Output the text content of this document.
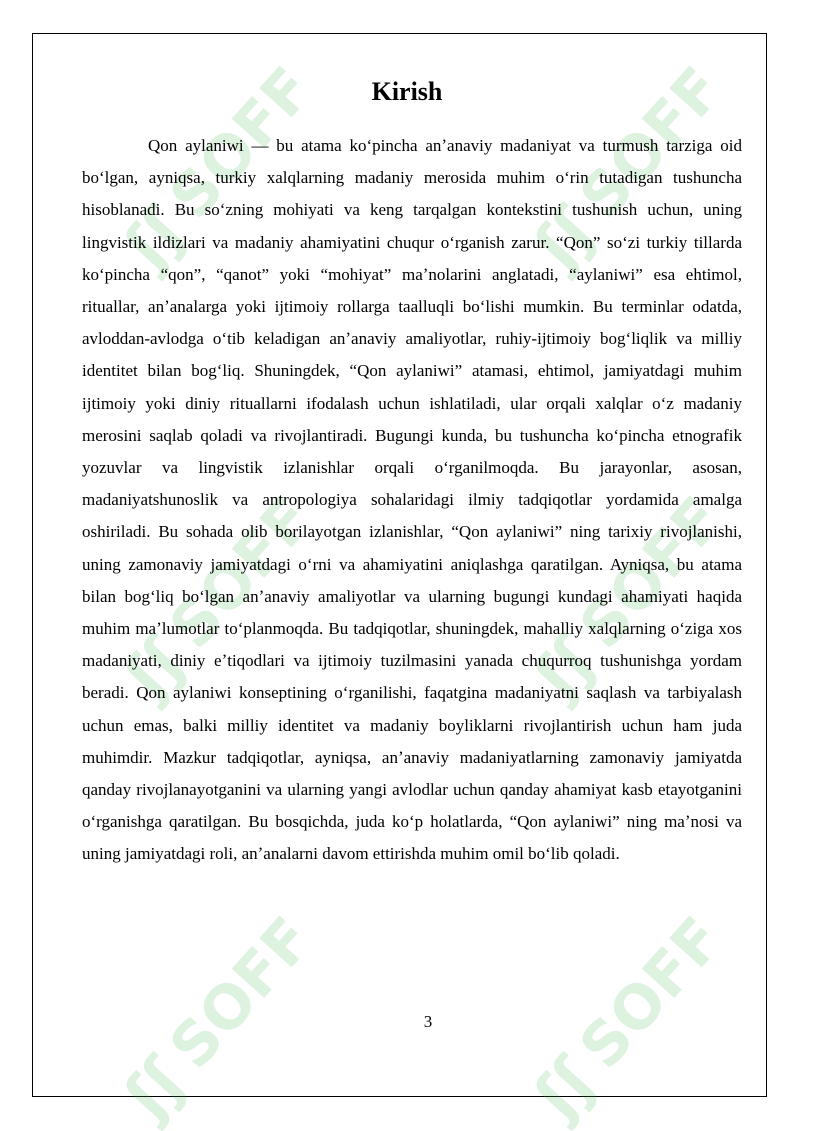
ʃʃ
SOFF
ʃʃ
SOFF
ʃʃ
SOFF
ʃʃ
SOFF
ʃʃ
SOFF
ʃʃ
SOFF
Kirish

Qon aylaniwi — bu atama koʻpincha anʼanaviy madaniyat va turmush tarziga oid boʻlgan, ayniqsa, turkiy xalqlarning madaniy merosida muhim oʻrin tutadigan tushuncha hisoblanadi. Bu soʻzning mohiyati va keng tarqalgan kontekstini tushunish uchun, uning lingvistik ildizlari va madaniy ahamiyatini chuqur oʻrganish zarur. “Qon” soʻzi turkiy tillarda koʻpincha “qon”, “qanot” yoki “mohiyat” maʼnolarini anglatadi, “aylaniwi” esa ehtimol, rituallar, anʼanalarga yoki ijtimoiy rollarga taalluqli boʻlishi mumkin. Bu terminlar odatda, avloddan-avlodga oʻtib keladigan anʼanaviy amaliyotlar, ruhiy-ijtimoiy bogʻliqlik va milliy identitet bilan bogʻliq. Shuningdek, “Qon aylaniwi” atamasi, ehtimol, jamiyatdagi muhim ijtimoiy yoki diniy rituallarni ifodalash uchun ishlatiladi, ular orqali xalqlar oʻz madaniy merosini saqlab qoladi va rivojlantiradi. Bugungi kunda, bu tushuncha koʻpincha etnografik yozuvlar va lingvistik izlanishlar orqali oʻrganilmoqda. Bu jarayonlar, asosan, madaniyatshunoslik va antropologiya sohalaridagi ilmiy tadqiqotlar yordamida amalga oshiriladi. Bu sohada olib borilayotgan izlanishlar, “Qon aylaniwi” ning tarixiy rivojlanishi, uning zamonaviy jamiyatdagi oʻrni va ahamiyatini aniqlashga qaratilgan. Ayniqsa, bu atama bilan bogʻliq boʻlgan anʼanaviy amaliyotlar va ularning bugungi kundagi ahamiyati haqida muhim maʼlumotlar toʻplanmoqda. Bu tadqiqotlar, shuningdek, mahalliy xalqlarning oʻziga xos madaniyati, diniy eʼtiqodlari va ijtimoiy tuzilmasini yanada chuqurroq tushunishga yordam beradi. Qon aylaniwi konseptining oʻrganilishi, faqatgina madaniyatni saqlash va tarbiyalash uchun emas, balki milliy identitet va madaniy boyliklarni rivojlantirish uchun ham juda muhimdir. Mazkur tadqiqotlar, ayniqsa, anʼanaviy madaniyatlarning zamonaviy jamiyatda qanday rivojlanayotganini va ularning yangi avlodlar uchun qanday ahamiyat kasb etayotganini oʻrganishga qaratilgan. Bu bosqichda, juda koʻp holatlarda, “Qon aylaniwi” ning maʼnosi va uning jamiyatdagi roli, anʼanalarni davom ettirishda muhim omil boʻlib qoladi.

3
